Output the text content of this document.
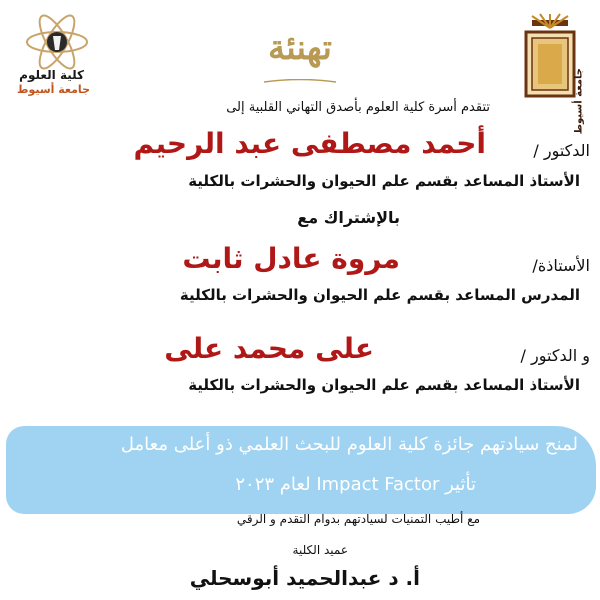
كلية العلوم
جامعة أسيوط
تهنئة
جامعة أسيوط
تتقدم أسرة كلية العلوم بأصدق التهاني القلبية إلى
الدكتور /
أحمد مصطفى عبد الرحيم
الأستاذ المساعد بقسم علم الحيوان والحشرات بالكلية
بالإشتراك مع
الأستاذة/
مروة عادل ثابت
المدرس المساعد بقسم علم الحيوان والحشرات بالكلية
و الدكتور /
على محمد على
الأستاذ المساعد بقسم علم الحيوان والحشرات بالكلية
لمنح سيادتهم جائزة كلية العلوم للبحث العلمي ذو أعلى معامل
تأثير Impact Factor لعام ٢٠٢٣
مع أطيب التمنيات لسيادتهم بدوام التقدم و الرقي
عميد الكلية
أ. د عبدالحميد أبوسحلي
